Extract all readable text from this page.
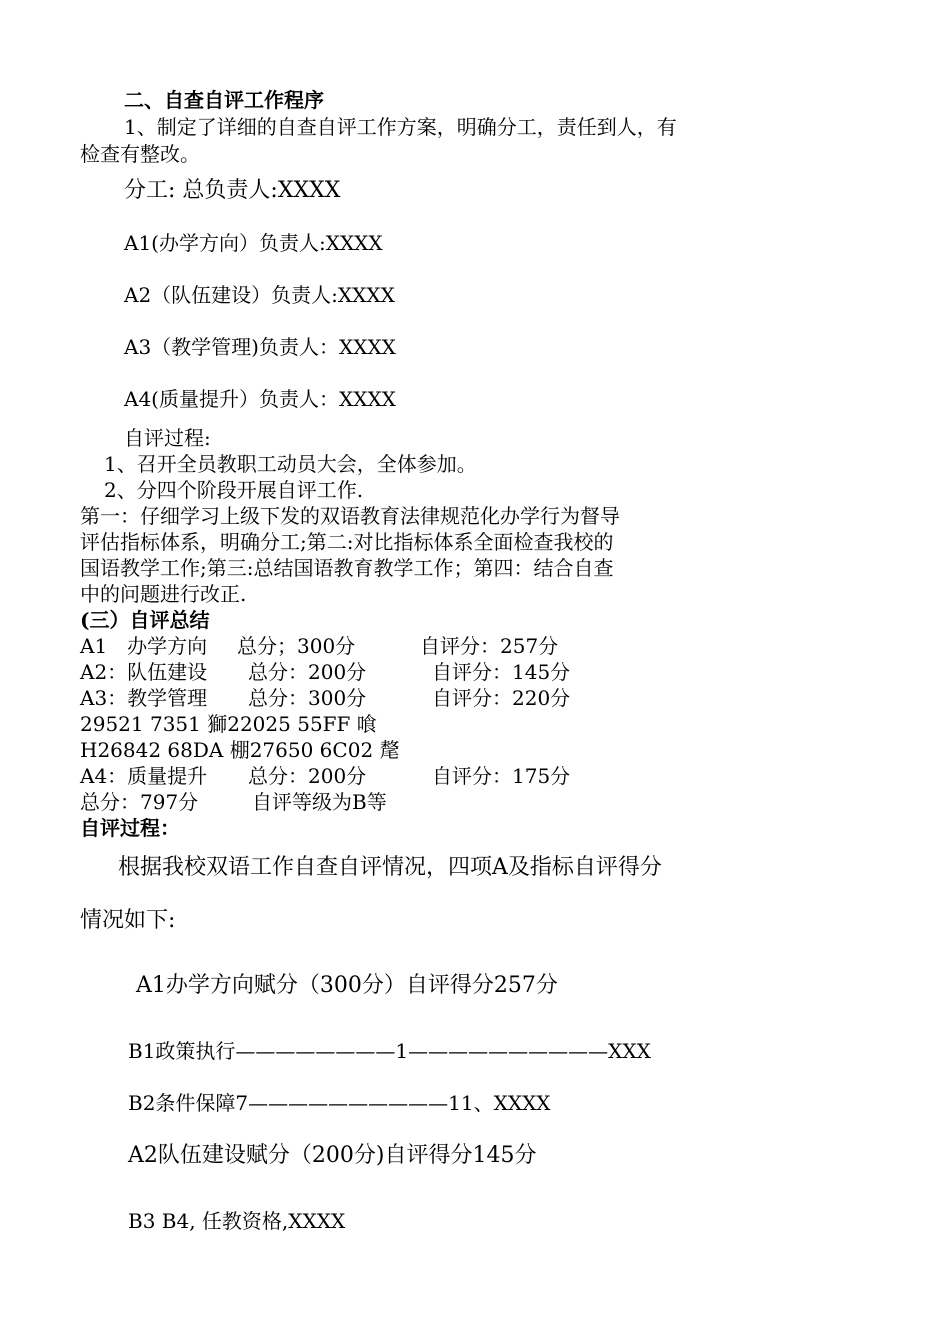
二、自查自评工作程序
1、制定了详细的自查自评工作方案，明确分工，责任到人，有
检查有整改。
分工: 总负责人:XXXX
A1(办学方向）负责人:XXXX
A2（队伍建设）负责人:XXXX
A3（教学管理)负责人：XXXX
A4(质量提升）负责人：XXXX
自评过程:
1、召开全员教职工动员大会，全体参加。
2、分四个阶段开展自评工作.
第一：仔细学习上级下发的双语教育法律规范化办学行为督导
评估指标体系，明确分工;第二:对比指标体系全面检查我校的
国语教学工作;第三:总结国语教育教学工作；第四：结合自查
中的问题进行改正.
(三）自评总结
A1　办学方向 总分；300分	自评分：257分
A2：队伍建设 总分：200分	自评分：145分
A3：教学管理 总分：300分	自评分：220分
29521 7351 獅22025 55FF 喰
H26842 68DA 棚27650 6C02 氂
A4：质量提升 总分：200分	自评分：175分
总分：797分	自评等级为B等
自评过程：
根据我校双语工作自查自评情况，四项A及指标自评得分
情况如下:
A1办学方向赋分（300分）自评得分257分
B1政策执行————————1——————————XXX
B2条件保障7——————————11、XXXX
A2队伍建设赋分（200分)自评得分145分
B3 B4, 任教资格,XXXX
